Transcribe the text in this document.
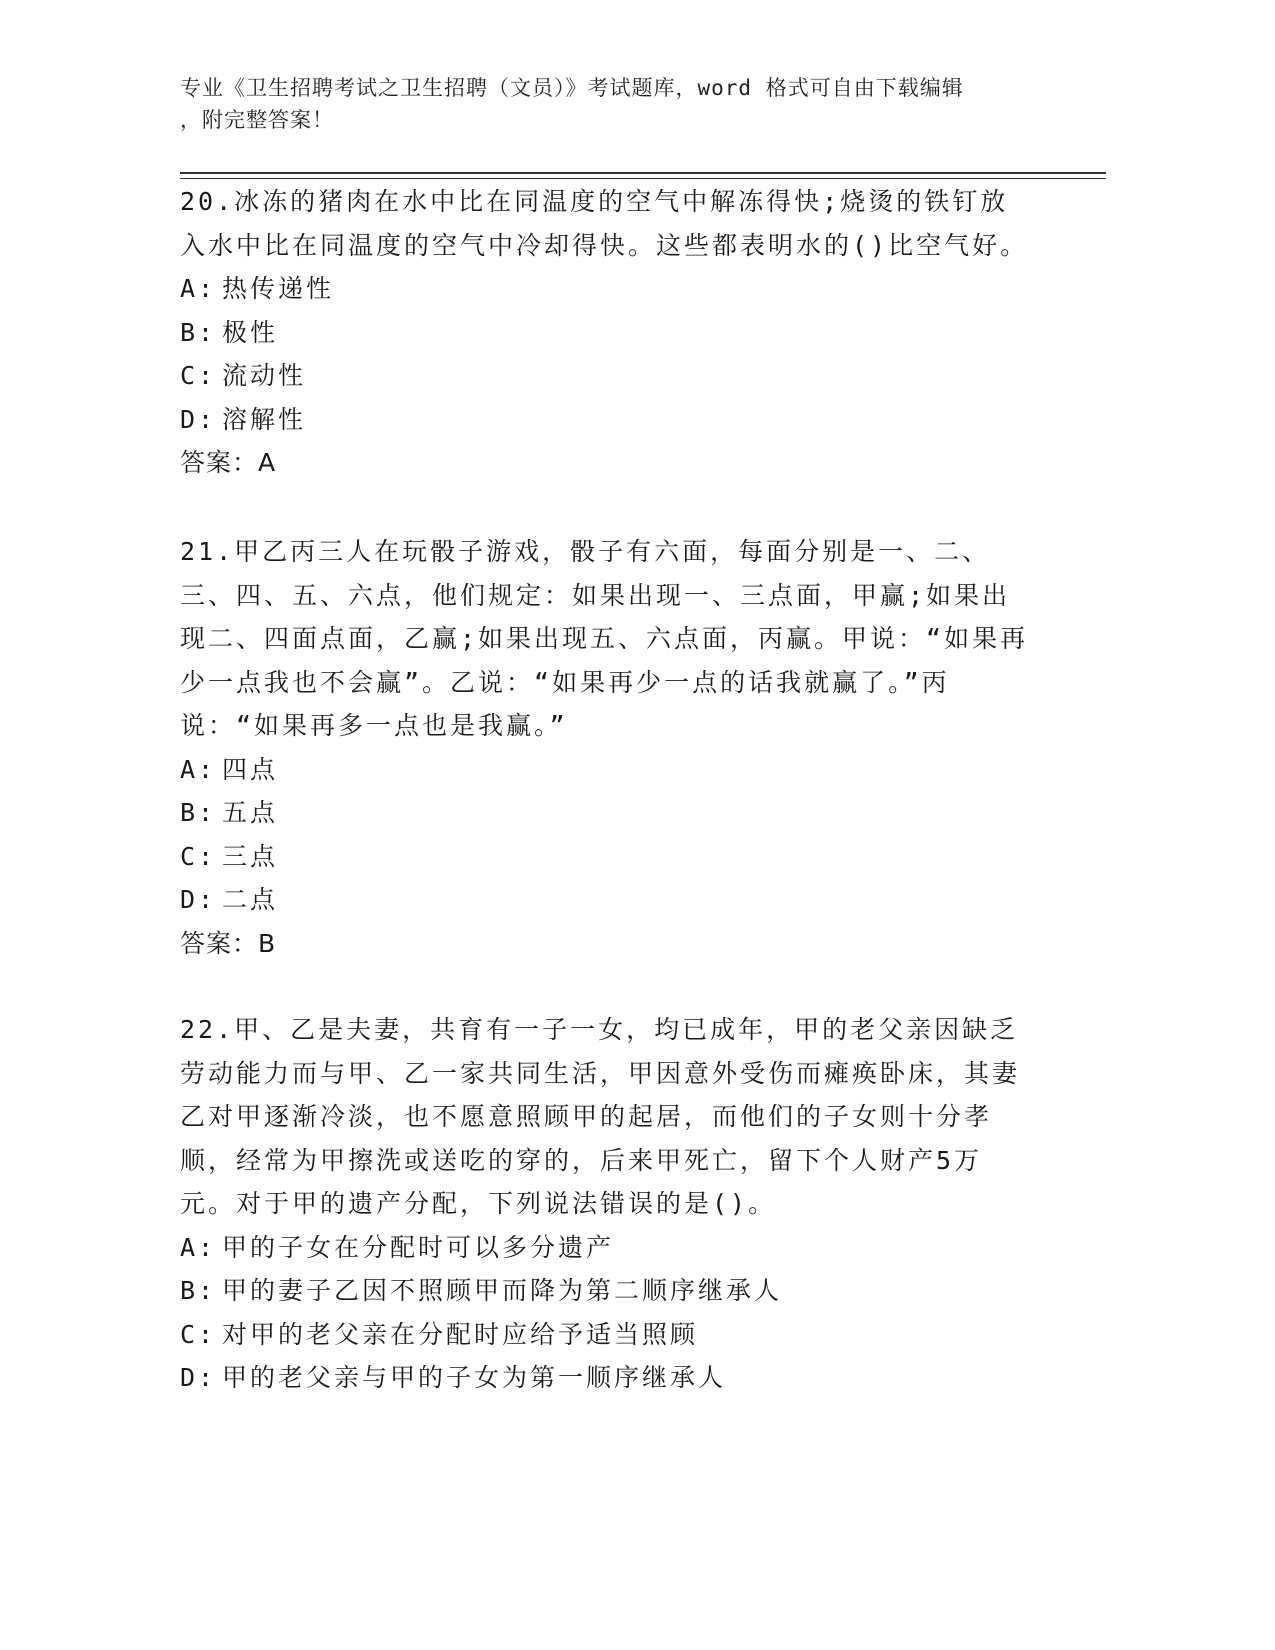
专业《卫生招聘考试之卫生招聘（文员）》考试题库，word 格式可自由下载编辑
，附完整答案！

20.冰冻的猪肉在水中比在同温度的空气中解冻得快;烧烫的铁钉放入水中比在同温度的空气中冷却得快。这些都表明水的()比空气好。

A: 热传递性

B: 极性

C: 流动性

D: 溶解性

答案：A

21.甲乙丙三人在玩骰子游戏，骰子有六面，每面分别是一、二、三、四、五、六点，他们规定：如果出现一、三点面，甲赢;如果出现二、四面点面，乙赢;如果出现五、六点面，丙赢。甲说：“如果再少一点我也不会赢”。乙说：“如果再少一点的话我就赢了。”丙说：“如果再多一点也是我赢。”

A: 四点

B: 五点

C: 三点

D: 二点

答案：B

22.甲、乙是夫妻，共育有一子一女，均已成年，甲的老父亲因缺乏劳动能力而与甲、乙一家共同生活，甲因意外受伤而瘫痪卧床，其妻乙对甲逐渐冷淡，也不愿意照顾甲的起居，而他们的子女则十分孝顺，经常为甲擦洗或送吃的穿的，后来甲死亡，留下个人财产5万元。对于甲的遗产分配，下列说法错误的是()。

A: 甲的子女在分配时可以多分遗产

B: 甲的妻子乙因不照顾甲而降为第二顺序继承人

C: 对甲的老父亲在分配时应给予适当照顾

D: 甲的老父亲与甲的子女为第一顺序继承人
